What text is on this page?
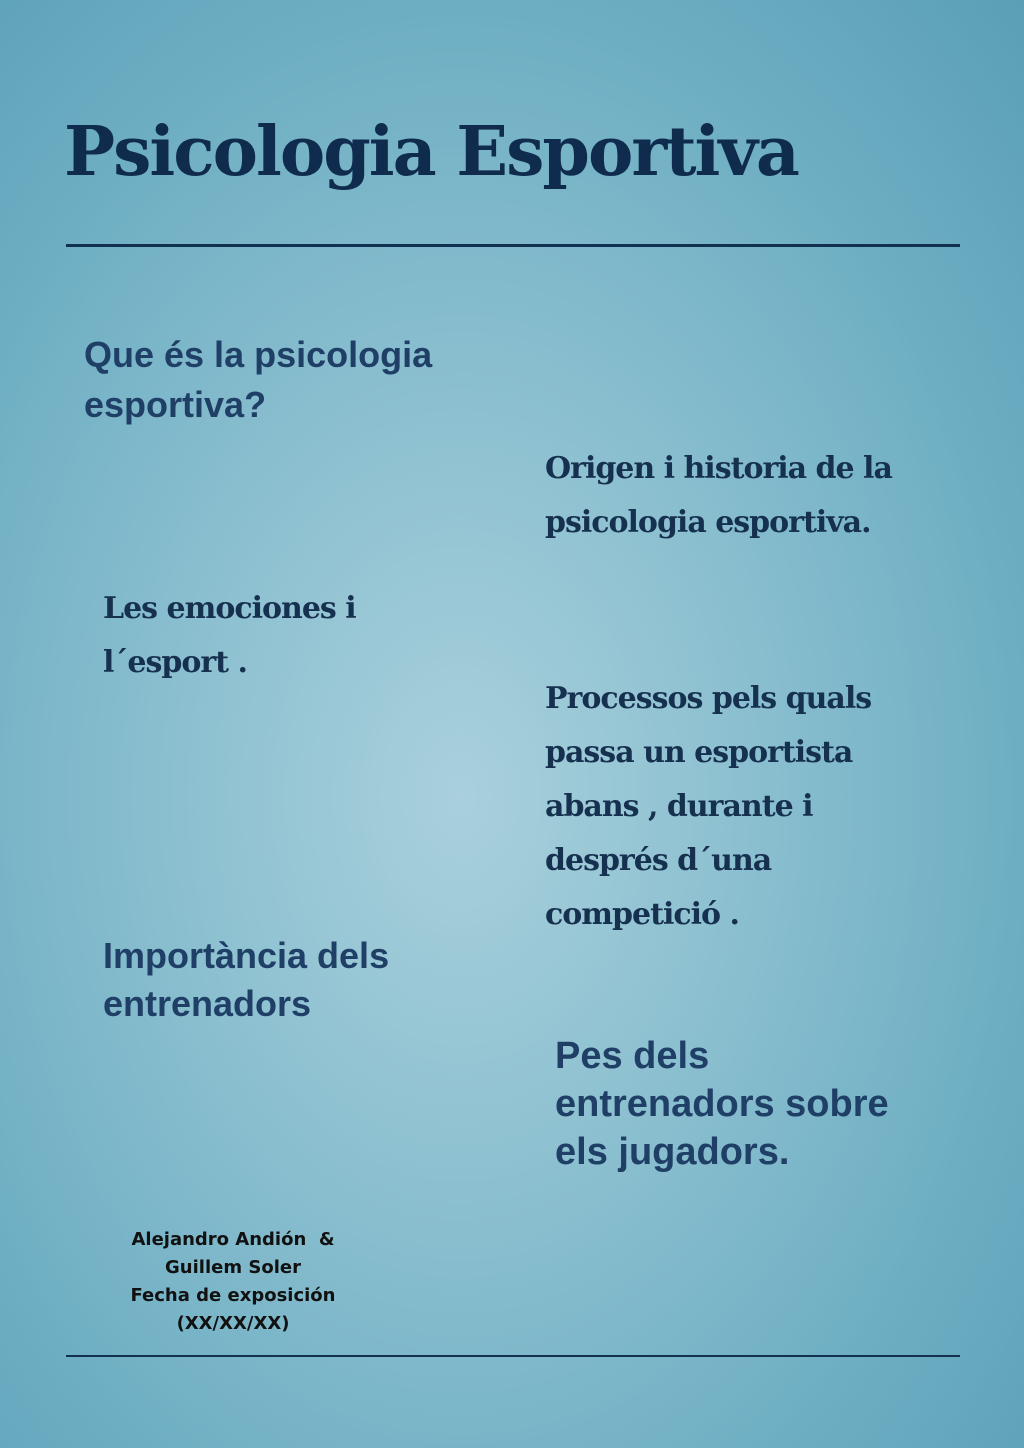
Psicologia Esportiva

Que és la psicologia
esportiva?

Origen i historia de la
psicologia esportiva.

Les emociones i
l´esport .

Processos pels quals
passa un esportista
abans , durante i
després d´una
competició .

Importància dels
entrenadors

Pes dels
entrenadors sobre
els jugadors.

Alejandro Andión  &
Guillem Soler
Fecha de exposición
(XX/XX/XX)
